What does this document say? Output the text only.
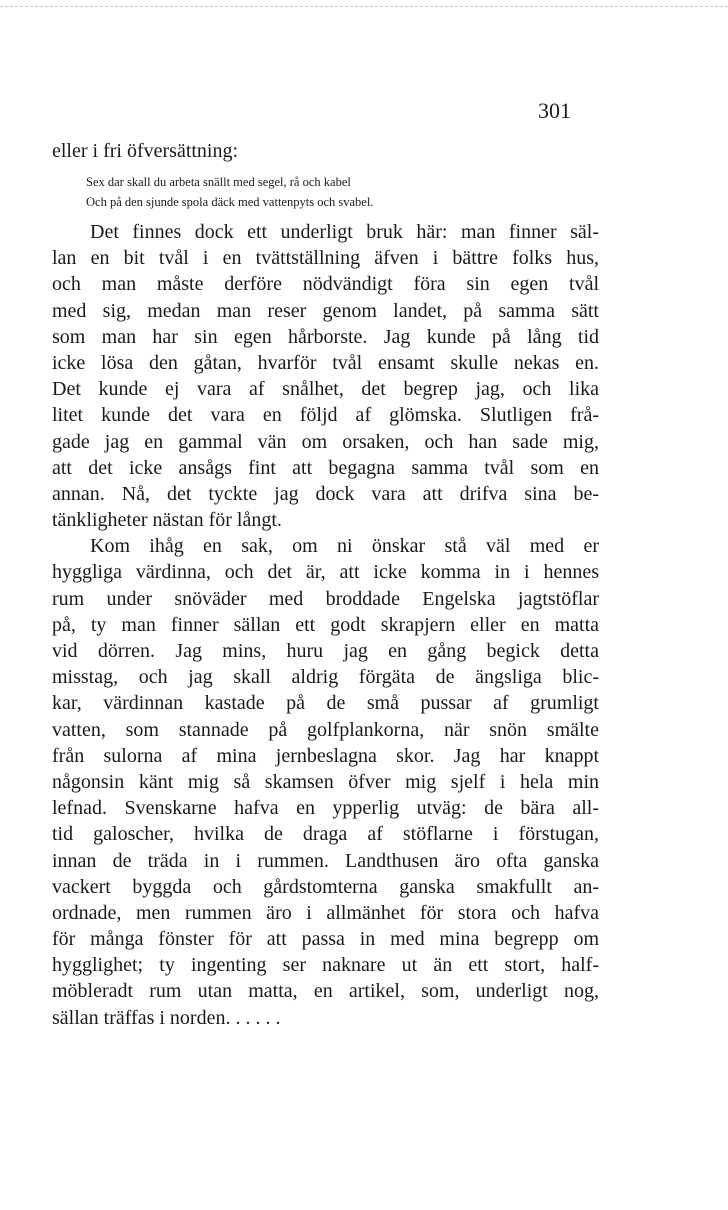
301
eller i fri öfversättning:
Sex dar skall du arbeta snällt med segel, rå och kabel
Och på den sjunde spola däck med vattenpyts och svabel.
Det finnes dock ett underligt bruk här: man finner säl-
lan en bit tvål i en tvättställning äfven i bättre folks hus,
och man måste derföre nödvändigt föra sin egen tvål
med sig, medan man reser genom landet, på samma sätt
som man har sin egen hårborste. Jag kunde på lång tid
icke lösa den gåtan, hvarför tvål ensamt skulle nekas en.
Det kunde ej vara af snålhet, det begrep jag, och lika
litet kunde det vara en följd af glömska. Slutligen frå-
gade jag en gammal vän om orsaken, och han sade mig,
att det icke ansågs fint att begagna samma tvål som en
annan. Nå, det tyckte jag dock vara att drifva sina be-
tänkligheter nästan för långt.
Kom ihåg en sak, om ni önskar stå väl med er
hyggliga värdinna, och det är, att icke komma in i hennes
rum under snöväder med broddade Engelska jagtstöflar
på, ty man finner sällan ett godt skrapjern eller en matta
vid dörren. Jag mins, huru jag en gång begick detta
misstag, och jag skall aldrig förgäta de ängsliga blic-
kar, värdinnan kastade på de små pussar af grumligt
vatten, som stannade på golfplankorna, när snön smälte
från sulorna af mina jernbeslagna skor. Jag har knappt
någonsin känt mig så skamsen öfver mig sjelf i hela min
lefnad. Svenskarne hafva en ypperlig utväg: de bära all-
tid galoscher, hvilka de draga af stöflarne i förstugan,
innan de träda in i rummen. Landthusen äro ofta ganska
vackert byggda och gårdstomterna ganska smakfullt an-
ordnade, men rummen äro i allmänhet för stora och hafva
för många fönster för att passa in med mina begrepp om
hygglighet; ty ingenting ser naknare ut än ett stort, half-
möbleradt rum utan matta, en artikel, som, underligt nog,
sällan träffas i norden. . . . . .
